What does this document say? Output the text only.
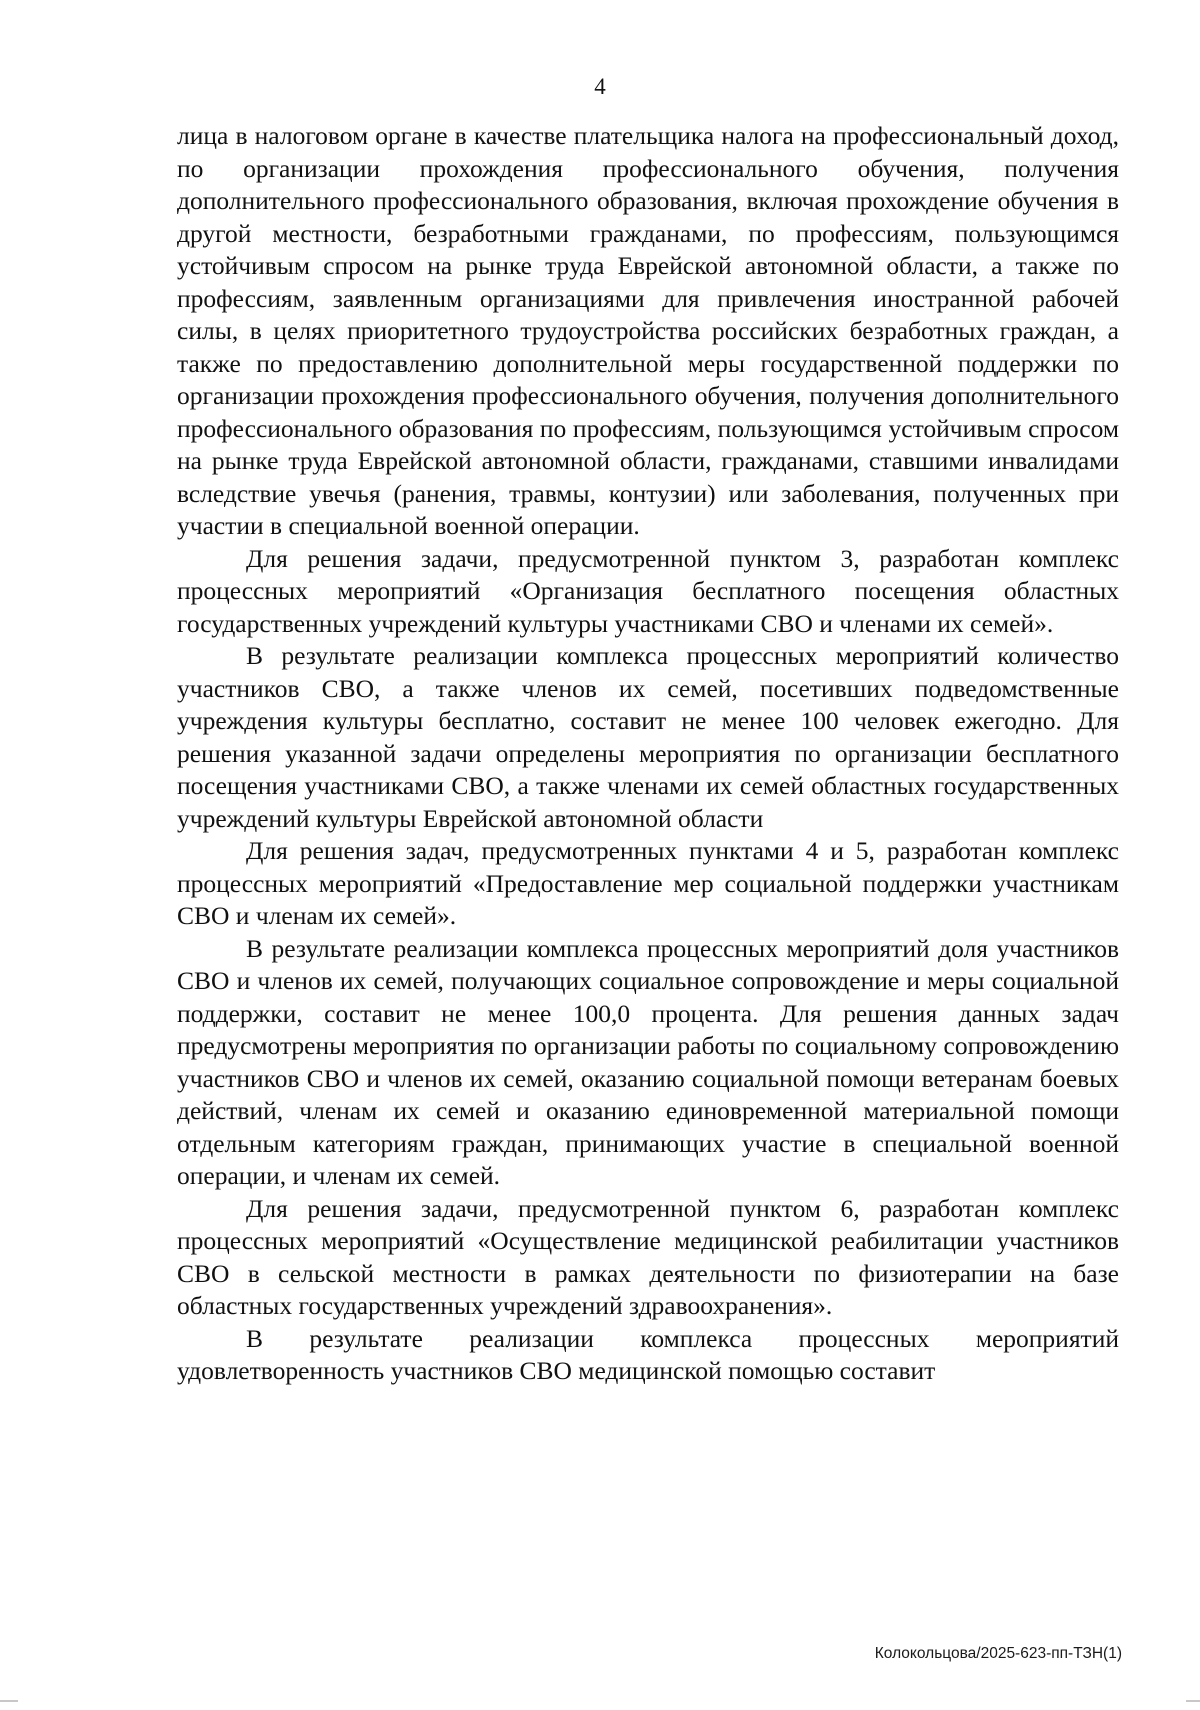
4

лица в налоговом органе в качестве плательщика налога на профессиональный доход, по организации прохождения профессионального обучения, получения дополнительного профессионального образования, включая прохождение обучения в другой местности, безработными гражданами, по профессиям, пользующимся устойчивым спросом на рынке труда Еврейской автономной области, а также по профессиям, заявленным организациями для привлечения иностранной рабочей силы, в целях приоритетного трудоустройства российских безработных граждан, а также по предоставлению дополнительной меры государственной поддержки по организации прохождения профессионального обучения, получения дополнительного профессионального образования по профессиям, пользующимся устойчивым спросом на рынке труда Еврейской автономной области, гражданами, ставшими инвалидами вследствие увечья (ранения, травмы, контузии) или заболевания, полученных при участии в специальной военной операции.

Для решения задачи, предусмотренной пунктом 3, разработан комплекс процессных мероприятий «Организация бесплатного посещения областных государственных учреждений культуры участниками СВО и членами их семей».

В результате реализации комплекса процессных мероприятий количество участников СВО, а также членов их семей, посетивших подведомственные учреждения культуры бесплатно, составит не менее 100 человек ежегодно. Для решения указанной задачи определены мероприятия по организации бесплатного посещения участниками СВО, а также членами их семей областных государственных учреждений культуры Еврейской автономной области

Для решения задач, предусмотренных пунктами 4 и 5, разработан комплекс процессных мероприятий «Предоставление мер социальной поддержки участникам СВО и членам их семей».

В результате реализации комплекса процессных мероприятий доля участников СВО и членов их семей, получающих социальное сопровождение и меры социальной поддержки, составит не менее 100,0 процента. Для решения данных задач предусмотрены мероприятия по организации работы по социальному сопровождению участников СВО и членов их семей, оказанию социальной помощи ветеранам боевых действий, членам их семей и оказанию единовременной материальной помощи отдельным категориям граждан, принимающих участие в специальной военной операции, и членам их семей.

Для решения задачи, предусмотренной пунктом 6, разработан комплекс процессных мероприятий «Осуществление медицинской реабилитации участников СВО в сельской местности в рамках деятельности по физиотерапии на базе областных государственных учреждений здравоохранения».

В результате реализации комплекса процессных мероприятий удовлетворенность участников СВО медицинской помощью составит

Колокольцова/2025-623-пп-ТЗН(1)
